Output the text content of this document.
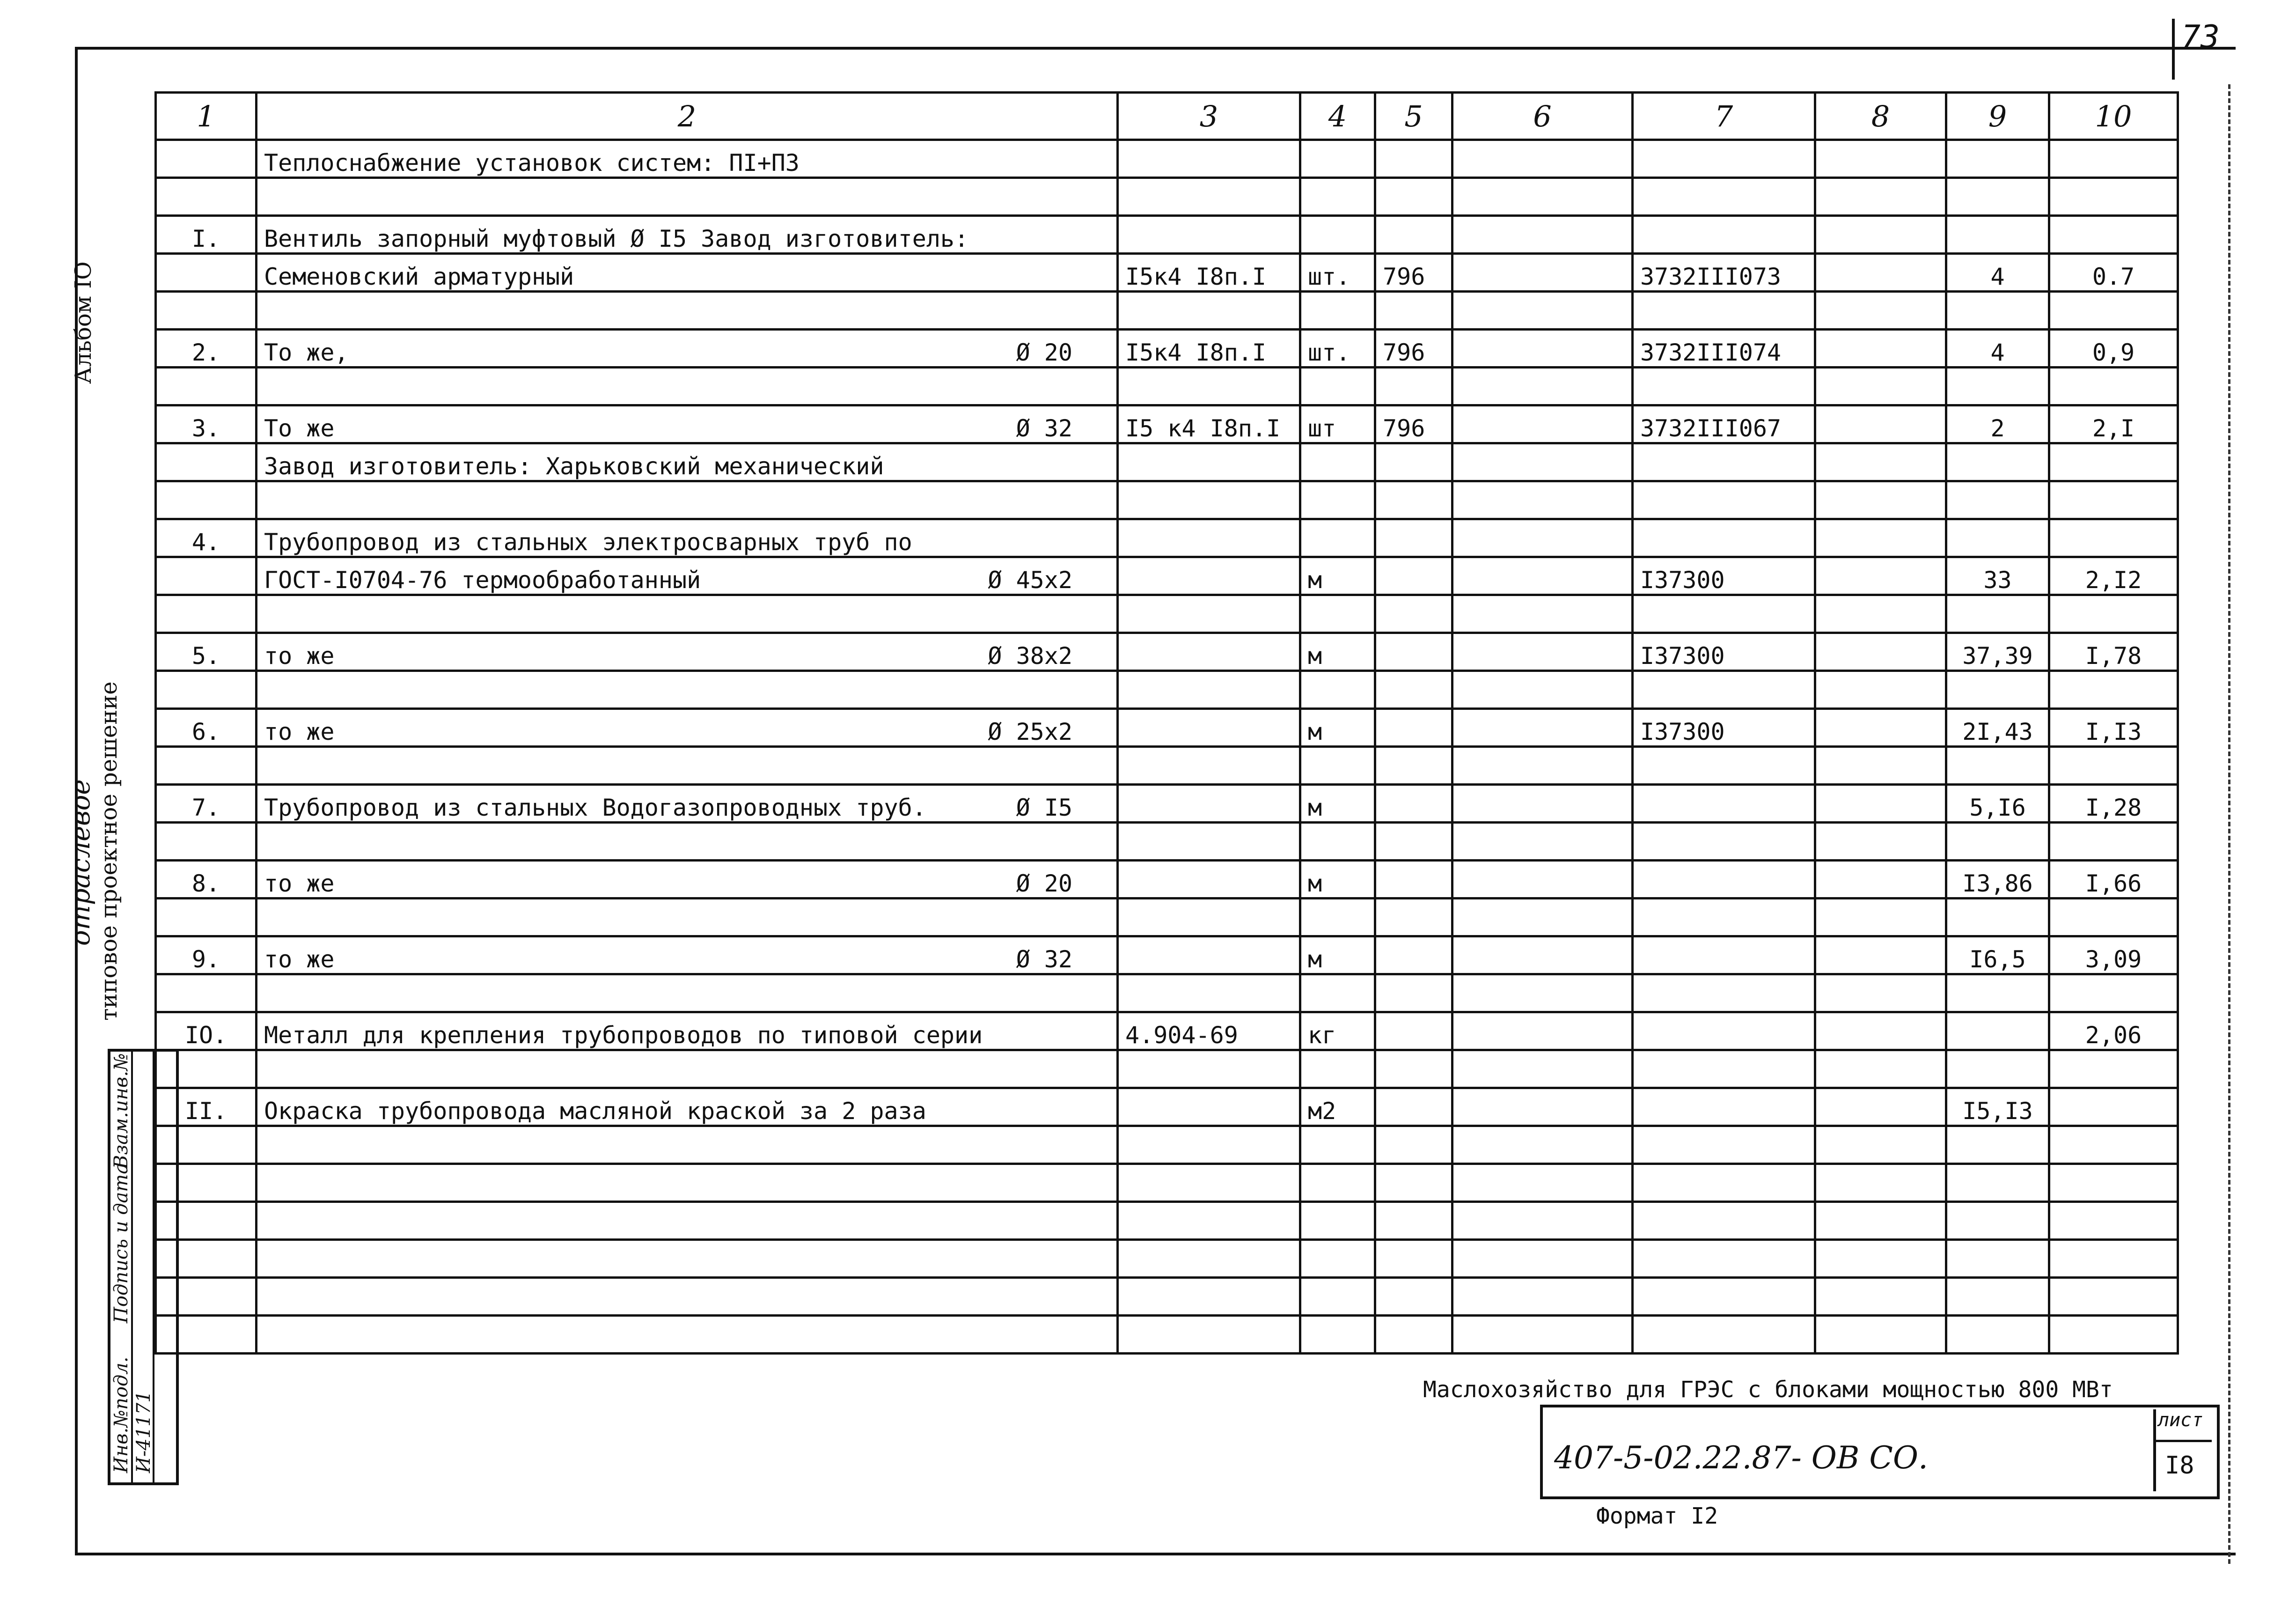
73
Альбом IO
отраслевое типовое проектное решение
Инв.№подл.
Подпись и дата
Взам.инв.№
И-41171
1	2	3	4	5	6	7	8	9	10
	Теплоснабжение установок систем: ПI+П3

I.	Вентиль запорный муфтовый Ø I5 Завод изготовитель:

	Семеновский арматурный	I5к4 I8п.I	шт.	796		3732III073		4	0.7

2.	То же, Ø 20	I5к4 I8п.I	шт.	796		3732III074		4	0,9

3.	То же Ø 32	I5 к4 I8п.I	шт	796		3732III067		2	2,I
	Завод изготовитель: Харьковский механический

4.	Трубопровод из стальных электросварных труб по

	ГОСТ-I0704-76 термообработанный Ø 45х2		м			I37300		33	2,I2

5.	то же Ø 38х2		м			I37300		37,39	I,78

6.	то же Ø 25х2		м			I37300		2I,43	I,I3

7.	Трубопровод из стальных Водогазопроводных труб. Ø I5		м					5,I6	I,28

8.	то же Ø 20		м					I3,86	I,66

9.	то же Ø 32		м					I6,5	3,09

IO.	Металл для крепления трубопроводов по типовой серии	4.904-69	кг						2,06

II.	Окраска трубопровода масляной краской за 2 раза		м2					I5,I3	

Маслохозяйство для ГРЭС с блоками мощностью 800 МВт
407-5-02.22.87- ОВ СО.
лист
I8
Формат I2
